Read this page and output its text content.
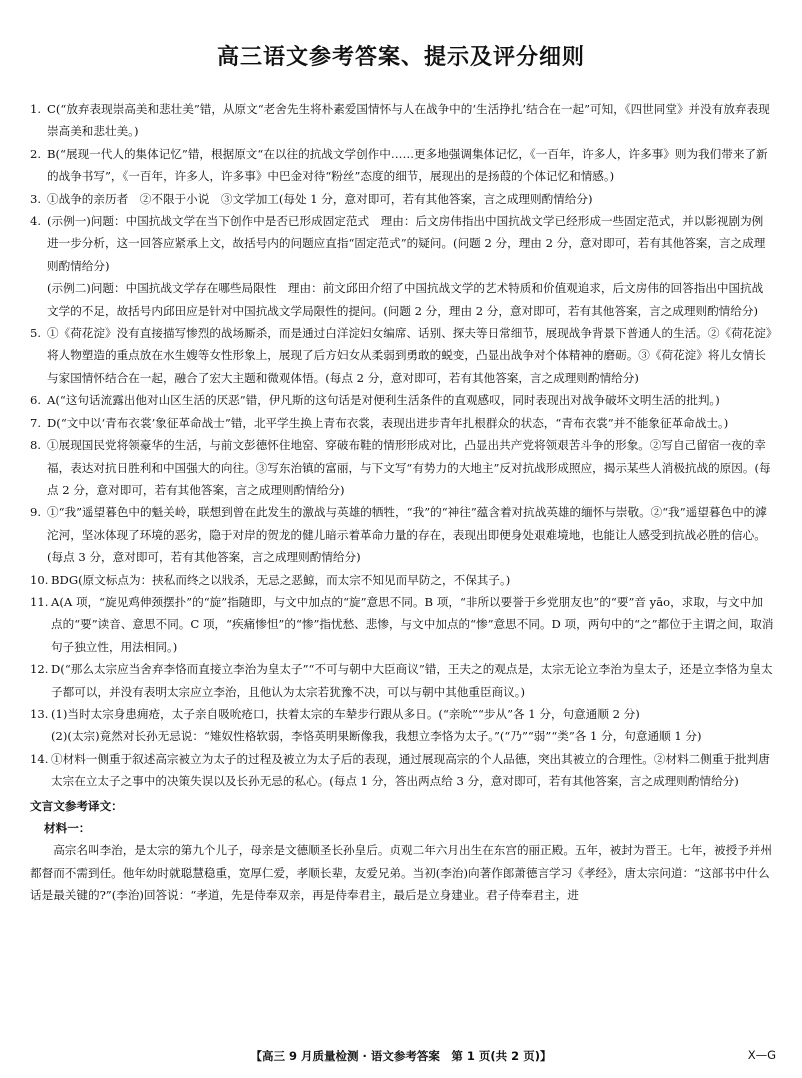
高三语文参考答案、提示及评分细则
1. C(“放弃表现崇高美和悲壮美”错，从原文“老舍先生将朴素爱国情怀与人在战争中的‘生活挣扎’结合在一起”可知，《四世同堂》并没有放弃表现崇高美和悲壮美。)
2. B(“展现一代人的集体记忆”错，根据原文“在以往的抗战文学创作中……更多地强调集体记忆，《一百年，许多人，许多事》则为我们带来了新的战争书写”，《一百年，许多人，许多事》中巴金对待“粉丝”态度的细节，展现出的是扬葭的个体记忆和情感。)
3. ①战争的亲历者　②不限于小说　③文学加工(每处 1 分，意对即可，若有其他答案，言之成理则酌情给分)
4. (示例一)问题：中国抗战文学在当下创作中是否已形成固定范式　理由：后文房伟指出中国抗战文学已经形成一些固定范式，并以影视剧为例进一步分析，这一回答应紧承上文，故括号内的问题应直指“固定范式”的疑问。(问题 2 分，理由 2 分，意对即可，若有其他答案，言之成理则酌情给分)
(示例二)问题：中国抗战文学存在哪些局限性　理由：前文邱田介绍了中国抗战文学的艺术特质和价值观追求，后文房伟的回答指出中国抗战文学的不足，故括号内邱田应是针对中国抗战文学局限性的提问。(问题 2 分，理由 2 分，意对即可，若有其他答案，言之成理则酌情给分)
5. ①《荷花淀》没有直接描写惨烈的战场厮杀，而是通过白洋淀妇女编席、话别、探夫等日常细节，展现战争背景下普通人的生活。②《荷花淀》将人物塑造的重点放在水生嫂等女性形象上，展现了后方妇女从柔弱到勇敢的蜕变，凸显出战争对个体精神的磨砺。③《荷花淀》将儿女情长与家国情怀结合在一起，融合了宏大主题和微观体悟。(每点 2 分，意对即可，若有其他答案，言之成理则酌情给分)
6. A(“这句话流露出他对山区生活的厌恶”错，伊凡斯的这句话是对便利生活条件的直观感叹，同时表现出对战争破坏文明生活的批判。)
7. D(“文中以‘青布衣裳’象征革命战士”错，北平学生换上青布衣裳，表现出进步青年扎根群众的状态，“青布衣裳”并不能象征革命战士。)
8. ①展现国民党将领豪华的生活，与前文彭德怀住地窑、穿破布鞋的情形形成对比，凸显出共产党将领艰苦斗争的形象。②写自己留宿一夜的幸福，表达对抗日胜利和中国强大的向往。③写东治镇的富丽，与下文写“有势力的大地主”反对抗战形成照应，揭示某些人消极抗战的原因。(每点 2 分，意对即可，若有其他答案，言之成理则酌情给分)
9. ①“我”遥望暮色中的魁关岭，联想到曾在此发生的激战与英雄的牺牲，“我”的“神往”蕴含着对抗战英雄的缅怀与崇敬。②“我”遥望暮色中的滹沱河，坚冰体现了环境的恶劣，隐于对岸的贺龙的健儿暗示着革命力量的存在，表现出即便身处艰难境地，也能让人感受到抗战必胜的信心。(每点 3 分，意对即可，若有其他答案，言之成理则酌情给分)
10. BDG(原文标点为：挟私而终之以戕杀，无忌之恶鯨，而太宗不知见而早防之，不保其子。)
11. A(A 项，“旋见鸡伸颈摆扑”的“旋”指随即，与文中加点的“旋”意思不同。B 项，“非所以要誉于乡党朋友也”的“要”音 yāo，求取，与文中加点的“要”读音、意思不同。C 项，“疾痛惨怛”的“惨”指忧愁、悲惨，与文中加点的“惨”意思不同。D 项，两句中的“之”都位于主谓之间，取消句子独立性，用法相同。)
12. D(“那么太宗应当舍弃李恪而直接立李治为皇太子”“不可与朝中大臣商议”错，王夫之的观点是，太宗无论立李治为皇太子，还是立李恪为皇太子都可以，并没有表明太宗应立李治，且他认为太宗若犹豫不决，可以与朝中其他重臣商议。)
13. (1)当时太宗身患痈疮，太子亲自吸吮疮口，扶着太宗的车辇步行跟从多日。(“亲吮”“步从”各 1 分，句意通顺 2 分)
(2)(太宗)竟然对长孙无忌说：“雉奴性格软弱，李恪英明果断像我，我想立李恪为太子。”(“乃”“弱”“类”各 1 分，句意通顺 1 分)
14. ①材料一侧重于叙述高宗被立为太子的过程及被立为太子后的表现，通过展现高宗的个人品德，突出其被立的合理性。②材料二侧重于批判唐太宗在立太子之事中的决策失误以及长孙无忌的私心。(每点 1 分，答出两点给 3 分，意对即可，若有其他答案，言之成理则酌情给分)
文言文参考译文：
材料一：
高宗名叫李治，是太宗的第九个儿子，母亲是文德顺圣长孙皇后。贞观二年六月出生在东宫的丽正殿。五年，被封为晋王。七年，被授予并州都督而不需到任。他年幼时就聪慧稳重，宽厚仁爱，孝顺长辈，友爱兄弟。当初(李治)向著作郎萧德言学习《孝经》，唐太宗问道：“这部书中什么话是最关键的?”(李治)回答说：“孝道，先是侍奉双亲，再是侍奉君主，最后是立身建业。君子侍奉君主，进
【高三 9 月质量检测 · 语文参考答案　第 1 页(共 2 页)】	X—G
